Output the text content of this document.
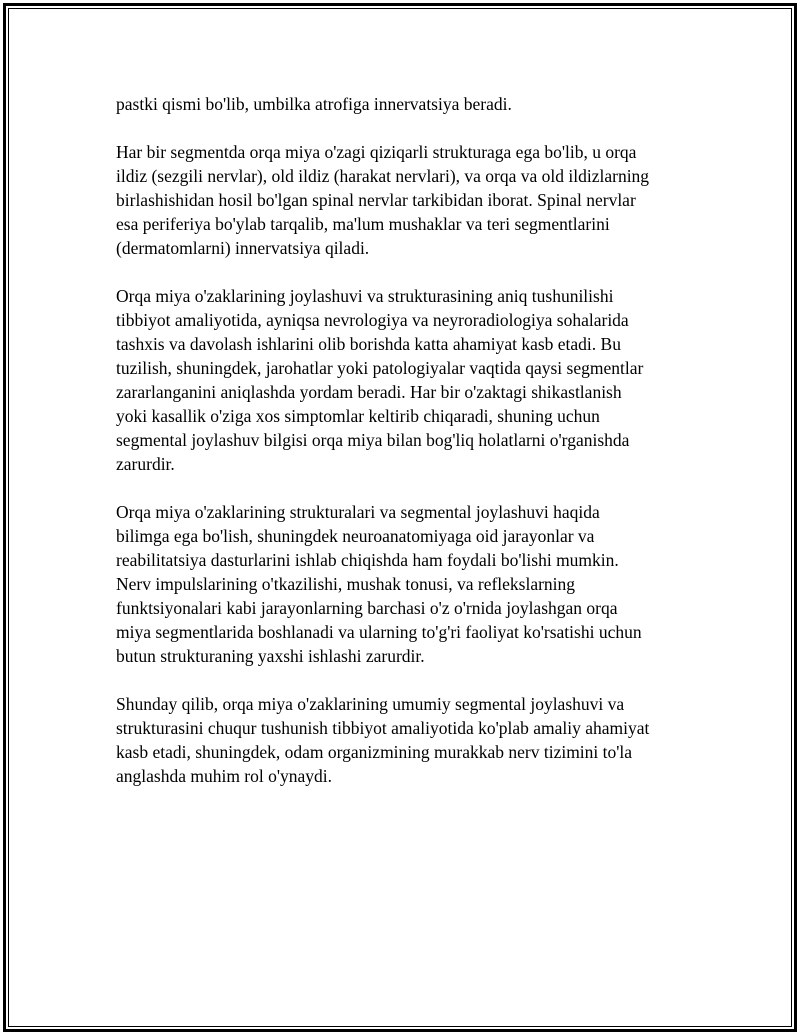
pastki qismi bo'lib, umbilka atrofiga innervatsiya beradi.

Har bir segmentda orqa miya o'zagi qiziqarli strukturaga ega bo'lib, u orqa
ildiz (sezgili nervlar), old ildiz (harakat nervlari), va orqa va old ildizlarning
birlashishidan hosil bo'lgan spinal nervlar tarkibidan iborat. Spinal nervlar
esa periferiya bo'ylab tarqalib, ma'lum mushaklar va teri segmentlarini
(dermatomlarni) innervatsiya qiladi.

Orqa miya o'zaklarining joylashuvi va strukturasining aniq tushunilishi
tibbiyot amaliyotida, ayniqsa nevrologiya va neyroradiologiya sohalarida
tashxis va davolash ishlarini olib borishda katta ahamiyat kasb etadi. Bu
tuzilish, shuningdek, jarohatlar yoki patologiyalar vaqtida qaysi segmentlar
zararlanganini aniqlashda yordam beradi. Har bir o'zaktagi shikastlanish
yoki kasallik o'ziga xos simptomlar keltirib chiqaradi, shuning uchun
segmental joylashuv bilgisi orqa miya bilan bog'liq holatlarni o'rganishda
zarurdir.

Orqa miya o'zaklarining strukturalari va segmental joylashuvi haqida
bilimga ega bo'lish, shuningdek neuroanatomiyaga oid jarayonlar va
reabilitatsiya dasturlarini ishlab chiqishda ham foydali bo'lishi mumkin.
Nerv impulslarining o'tkazilishi, mushak tonusi, va reflekslarning
funktsiyonalari kabi jarayonlarning barchasi o'z o'rnida joylashgan orqa
miya segmentlarida boshlanadi va ularning to'g'ri faoliyat ko'rsatishi uchun
butun strukturaning yaxshi ishlashi zarurdir.

Shunday qilib, orqa miya o'zaklarining umumiy segmental joylashuvi va
strukturasini chuqur tushunish tibbiyot amaliyotida ko'plab amaliy ahamiyat
kasb etadi, shuningdek, odam organizmining murakkab nerv tizimini to'la
anglashda muhim rol o'ynaydi.
